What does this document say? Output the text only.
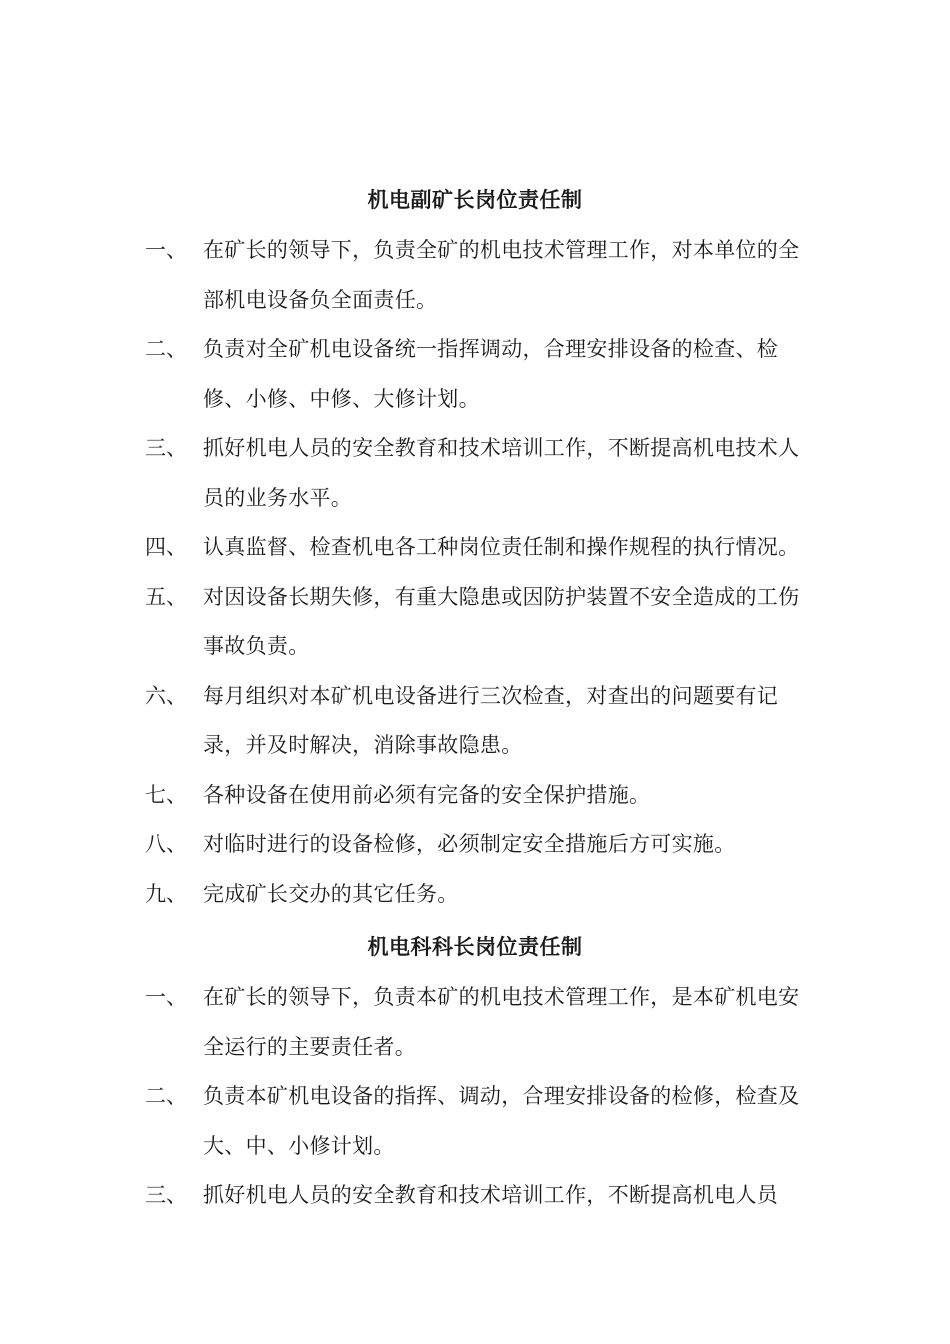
机电副矿长岗位责任制
一、 在矿长的领导下，负责全矿的机电技术管理工作，对本单位的全部机电设备负全面责任。
二、 负责对全矿机电设备统一指挥调动，合理安排设备的检查、检修、小修、中修、大修计划。
三、 抓好机电人员的安全教育和技术培训工作，不断提高机电技术人员的业务水平。
四、 认真监督、检查机电各工种岗位责任制和操作规程的执行情况。
五、 对因设备长期失修，有重大隐患或因防护装置不安全造成的工伤事故负责。
六、 每月组织对本矿机电设备进行三次检查，对查出的问题要有记录，并及时解决，消除事故隐患。
七、 各种设备在使用前必须有完备的安全保护措施。
八、 对临时进行的设备检修，必须制定安全措施后方可实施。
九、 完成矿长交办的其它任务。
机电科科长岗位责任制
一、 在矿长的领导下，负责本矿的机电技术管理工作，是本矿机电安全运行的主要责任者。
二、 负责本矿机电设备的指挥、调动，合理安排设备的检修，检查及大、中、小修计划。
三、 抓好机电人员的安全教育和技术培训工作，不断提高机电人员
